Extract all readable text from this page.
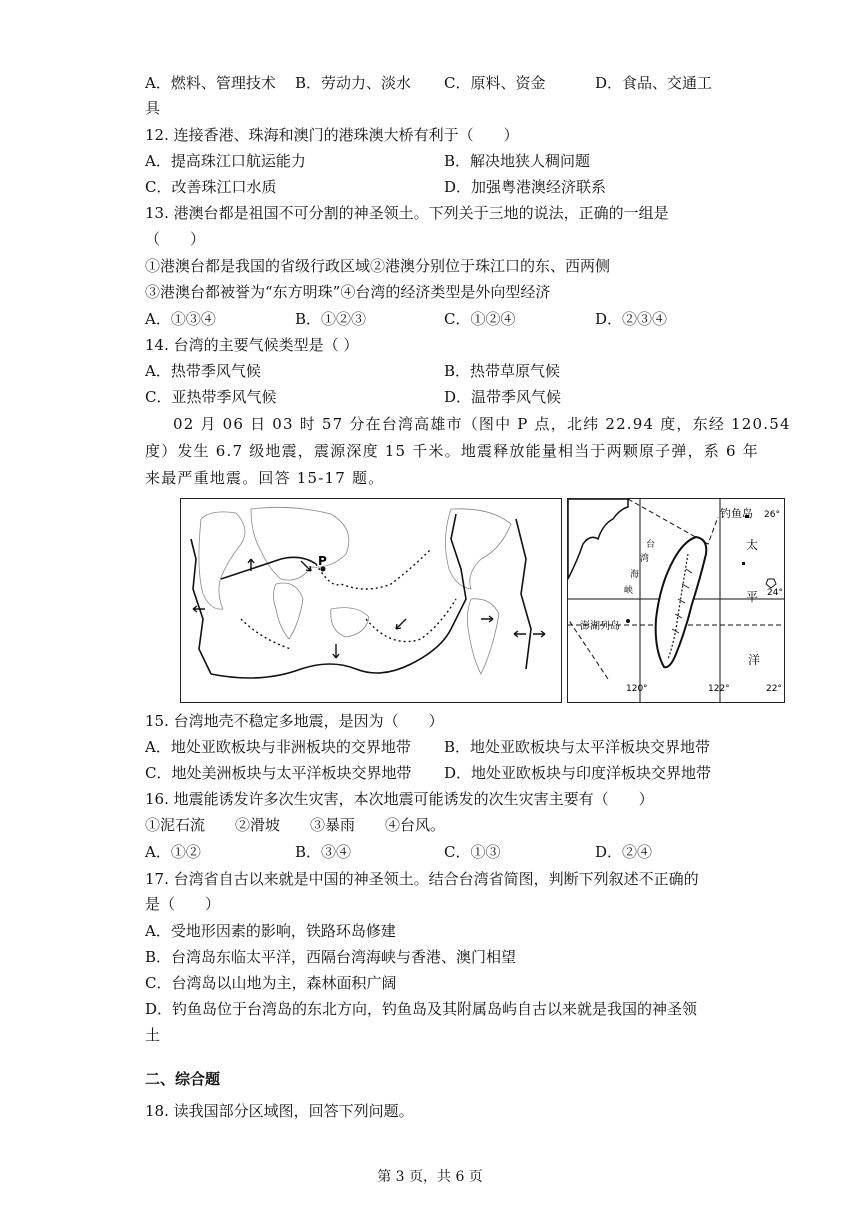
A．燃料、管理技术 B．劳动力、淡水 C．原料、资金	D．食品、交通工
具
12. 连接香港、珠海和澳门的港珠澳大桥有利于（　　）
A．提高珠江口航运能力	B．解决地狭人稠问题
C．改善珠江口水质	D．加强粤港澳经济联系
13. 港澳台都是祖国不可分割的神圣领土。下列关于三地的说法，正确的一组是
（　　）
①港澳台都是我国的省级行政区域②港澳分别位于珠江口的东、西两侧
③港澳台都被誉为“东方明珠”④台湾的经济类型是外向型经济
A．①③④	B．①②③	C．①②④	D．②③④
14. 台湾的主要气候类型是（ ）
A．热带季风气候	B．热带草原气候
C．亚热带季风气候	D．温带季风气候
02 月 06 日 03 时 57 分在台湾高雄市（图中 P 点，北纬 22.94 度，东经 120.54
度）发生 6.7 级地震，震源深度 15 千米。地震释放能量相当于两颗原子弹，系 6 年
来最严重地震。回答 15-17 题。
P
钓鱼岛 26°
24°
22°
120°	122°
太
平
洋
澎湖列岛
台
湾
海
峡
15. 台湾地壳不稳定多地震，是因为（　　）
A．地处亚欧板块与非洲板块的交界地带 B．地处亚欧板块与太平洋板块交界地带
C．地处美洲板块与太平洋板块交界地带 D．地处亚欧板块与印度洋板块交界地带
16. 地震能诱发许多次生灾害，本次地震可能诱发的次生灾害主要有（　　）
①泥石流　　②滑坡　　③暴雨　　④台风。
A．①②	B．③④	C．①③	D．②④
17. 台湾省自古以来就是中国的神圣领土。结合台湾省简图，判断下列叙述不正确的
是（　　）
A．受地形因素的影响，铁路环岛修建
B．台湾岛东临太平洋，西隔台湾海峡与香港、澳门相望
C．台湾岛以山地为主，森林面积广阔
D．钓鱼岛位于台湾岛的东北方向，钓鱼岛及其附属岛屿自古以来就是我国的神圣领
土
二、综合题
18. 读我国部分区域图，回答下列问题。
第 3 页，共 6 页
